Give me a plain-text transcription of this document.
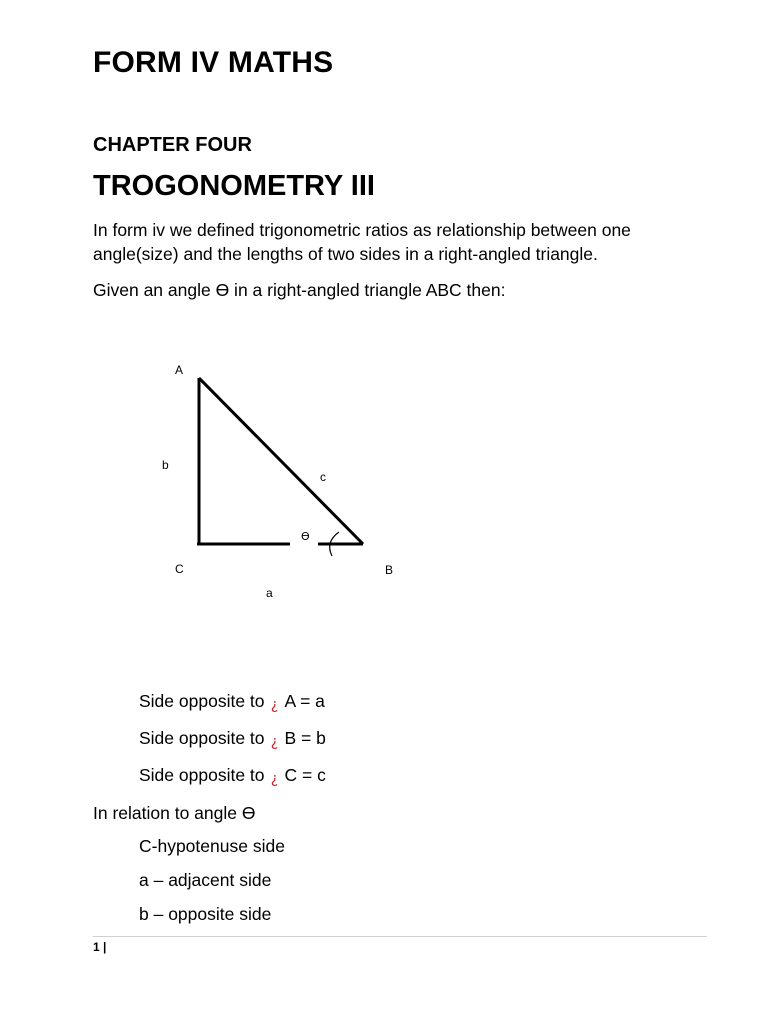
FORM IV MATHS
CHAPTER FOUR
TROGONOMETRY III
In form iv we defined trigonometric ratios as relationship between one angle(size) and the lengths of two sides in a right-angled triangle.
Given an angle Ө in a right-angled triangle ABC then:
A
b
c
Ө
C	B
a
Side opposite to ¿ A = a
Side opposite to ¿ B = b
Side opposite to ¿ C = c
In relation to angle Ө
C-hypotenuse side
a – adjacent side
b – opposite side
1 |
